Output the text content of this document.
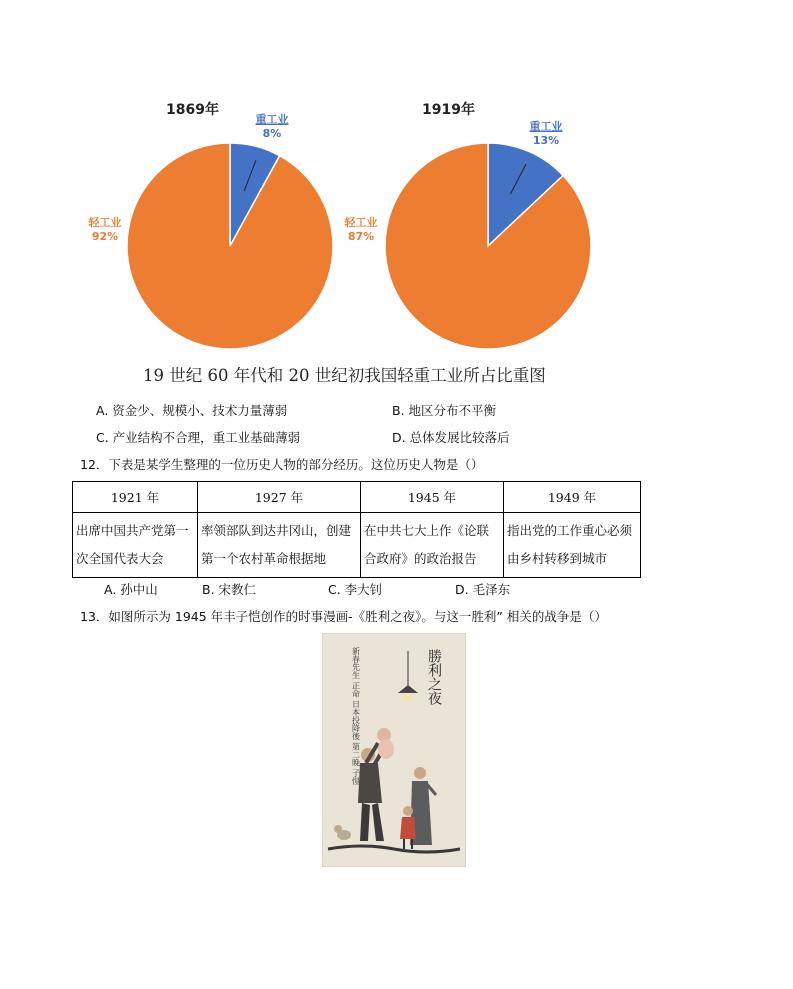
1869年
重工业
8%
轻工业
92%
1919年
重工业
13%
轻工业
87%
19 世纪 60 年代和 20 世纪初我国轻重工业所占比重图
A. 资金少、规模小、技术力量薄弱	B. 地区分布不平衡
C. 产业结构不合理，重工业基础薄弱	D. 总体发展比较落后
12．下表是某学生整理的一位历史人物的部分经历。这位历史人物是（）
1921 年	1927 年	1945 年	1949 年
出席中国共产党第一次全国代表大会	率领部队到达井冈山，创建第一个农村革命根据地	在中共七大上作《论联合政府》的政治报告	指出党的工作重心必须由乡村转移到城市
A. 孙中山	B. 宋教仁	C. 李大钊	D. 毛泽东
13．如图所示为 1945 年丰子恺创作的时事漫画-《胜利之夜》。与这一胜利” 相关的战争是（）
勝利之夜
新春先生 正命 日本投降後 第二晚 子愷
